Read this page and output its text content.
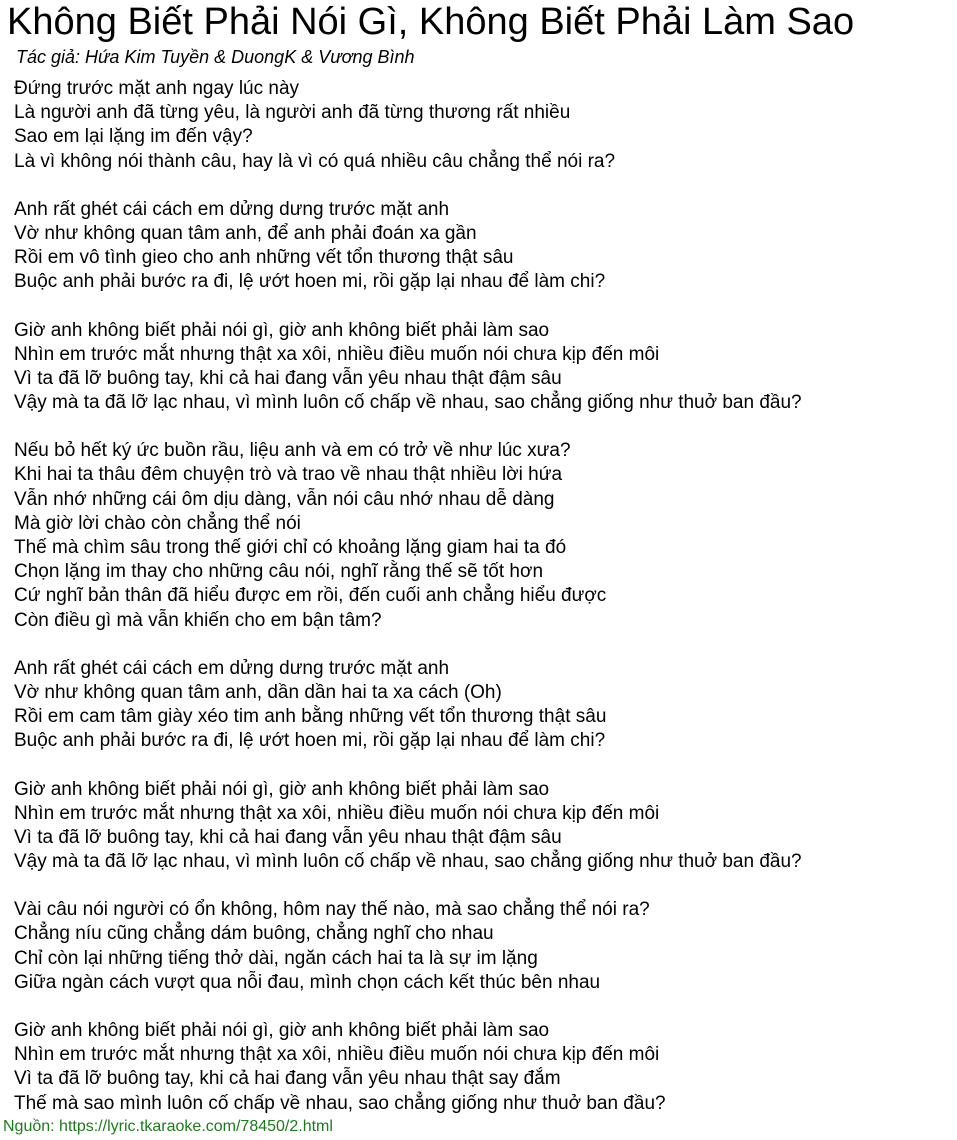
Không Biết Phải Nói Gì, Không Biết Phải Làm Sao
Tác giả: Hứa Kim Tuyền & DuongK & Vương Bình
Đứng trước mặt anh ngay lúc này
Là người anh đã từng yêu, là người anh đã từng thương rất nhiều
Sao em lại lặng im đến vậy?
Là vì không nói thành câu, hay là vì có quá nhiều câu chẳng thể nói ra?
Anh rất ghét cái cách em dửng dưng trước mặt anh
Vờ như không quan tâm anh, để anh phải đoán xa gần
Rồi em vô tình gieo cho anh những vết tổn thương thật sâu
Buộc anh phải bước ra đi, lệ ướt hoen mi, rồi gặp lại nhau để làm chi?
Giờ anh không biết phải nói gì, giờ anh không biết phải làm sao
Nhìn em trước mắt nhưng thật xa xôi, nhiều điều muốn nói chưa kịp đến môi
Vì ta đã lỡ buông tay, khi cả hai đang vẫn yêu nhau thật đậm sâu
Vậy mà ta đã lỡ lạc nhau, vì mình luôn cố chấp về nhau, sao chẳng giống như thuở ban đầu?
Nếu bỏ hết ký ức buồn rầu, liệu anh và em có trở về như lúc xưa?
Khi hai ta thâu đêm chuyện trò và trao về nhau thật nhiều lời hứa
Vẫn nhớ những cái ôm dịu dàng, vẫn nói câu nhớ nhau dễ dàng
Mà giờ lời chào còn chẳng thể nói
Thế mà chìm sâu trong thế giới chỉ có khoảng lặng giam hai ta đó
Chọn lặng im thay cho những câu nói, nghĩ rằng thế sẽ tốt hơn
Cứ nghĩ bản thân đã hiểu được em rồi, đến cuối anh chẳng hiểu được
Còn điều gì mà vẫn khiến cho em bận tâm?
Anh rất ghét cái cách em dửng dưng trước mặt anh
Vờ như không quan tâm anh, dần dần hai ta xa cách (Oh)
Rồi em cam tâm giày xéo tim anh bằng những vết tổn thương thật sâu
Buộc anh phải bước ra đi, lệ ướt hoen mi, rồi gặp lại nhau để làm chi?
Giờ anh không biết phải nói gì, giờ anh không biết phải làm sao
Nhìn em trước mắt nhưng thật xa xôi, nhiều điều muốn nói chưa kịp đến môi
Vì ta đã lỡ buông tay, khi cả hai đang vẫn yêu nhau thật đậm sâu
Vậy mà ta đã lỡ lạc nhau, vì mình luôn cố chấp về nhau, sao chẳng giống như thuở ban đầu?
Vài câu nói người có ổn không, hôm nay thế nào, mà sao chẳng thể nói ra?
Chẳng níu cũng chẳng dám buông, chẳng nghĩ cho nhau
Chỉ còn lại những tiếng thở dài, ngăn cách hai ta là sự im lặng
Giữa ngàn cách vượt qua nỗi đau, mình chọn cách kết thúc bên nhau
Giờ anh không biết phải nói gì, giờ anh không biết phải làm sao
Nhìn em trước mắt nhưng thật xa xôi, nhiều điều muốn nói chưa kịp đến môi
Vì ta đã lỡ buông tay, khi cả hai đang vẫn yêu nhau thật say đắm
Thế mà sao mình luôn cố chấp về nhau, sao chẳng giống như thuở ban đầu?
Nguồn: https://lyric.tkaraoke.com/78450/2.html
